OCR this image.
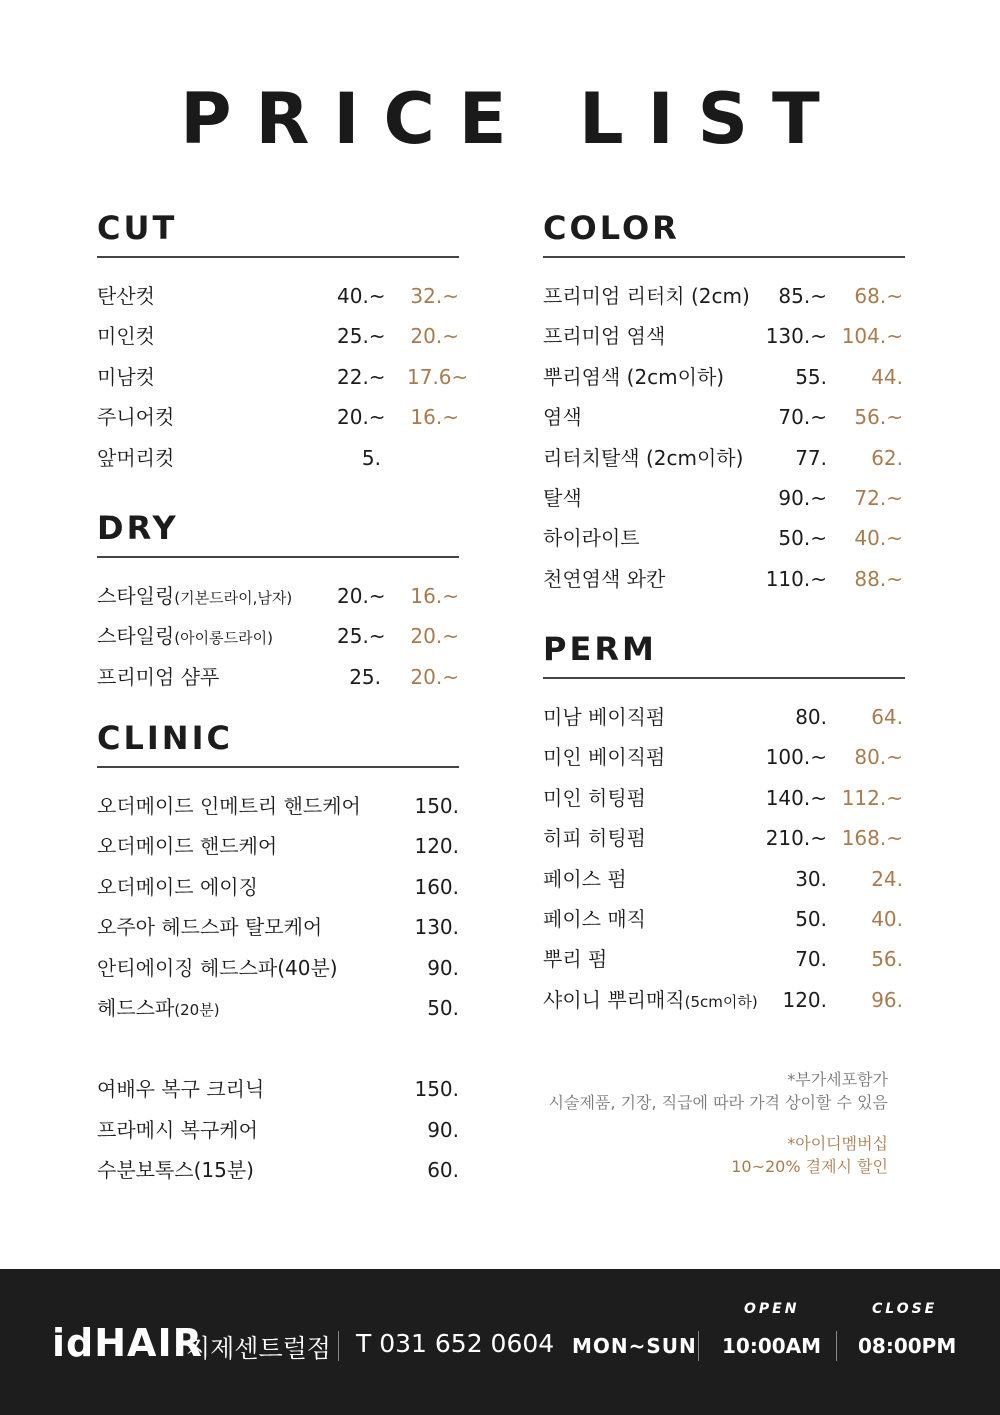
PRICE LIST
CUT
탄산컷	40.~ 32.~
미인컷	25.~ 20.~
미남컷	22.~ 17.6~
주니어컷	20.~ 16.~
앞머리컷	5.
DRY
스타일링(기본드라이,남자) 20.~ 16.~
스타일링(아이롱드라이)	25.~ 20.~
프리미엄 샴푸	25. 20.~
CLINIC
오더메이드 인메트리 핸드케어	150.
오더메이드 핸드케어	120.
오더메이드 에이징	160.
오주아 헤드스파 탈모케어	130.
안티에이징 헤드스파(40분)	90.
헤드스파(20분)	50.
여배우 복구 크리닉	150.
프라메시 복구케어	90.
수분보톡스(15분)	60.
COLOR
프리미엄 리터치 (2cm)	85.~	68.~
프리미엄 염색	130.~ 104.~
뿌리염색 (2cm이하)	55.	44.
염색	70.~	56.~
리터치탈색 (2cm이하)	77.	62.
탈색	90.~	72.~
하이라이트	50.~	40.~
천연염색 와칸	110.~	88.~
PERM
미남 베이직펌	80.	64.
미인 베이직펌	100.~	80.~
미인 히팅펌	140.~ 112.~
히피 히팅펌	210.~ 168.~
페이스 펌	30.	24.
페이스 매직	50.	40.
뿌리 펌	70.	56.
샤이니 뿌리매직(5cm이하)	120.	96.
*부가세포함가
시술제품, 기장, 직급에 따라 가격 상이할 수 있음
*아이디멤버십
10~20% 결제시 할인
idHAIR
지제센트럴점 T 031 652 0604 MON~SUN
OPEN
10:00AM
CLOSE
08:00PM
